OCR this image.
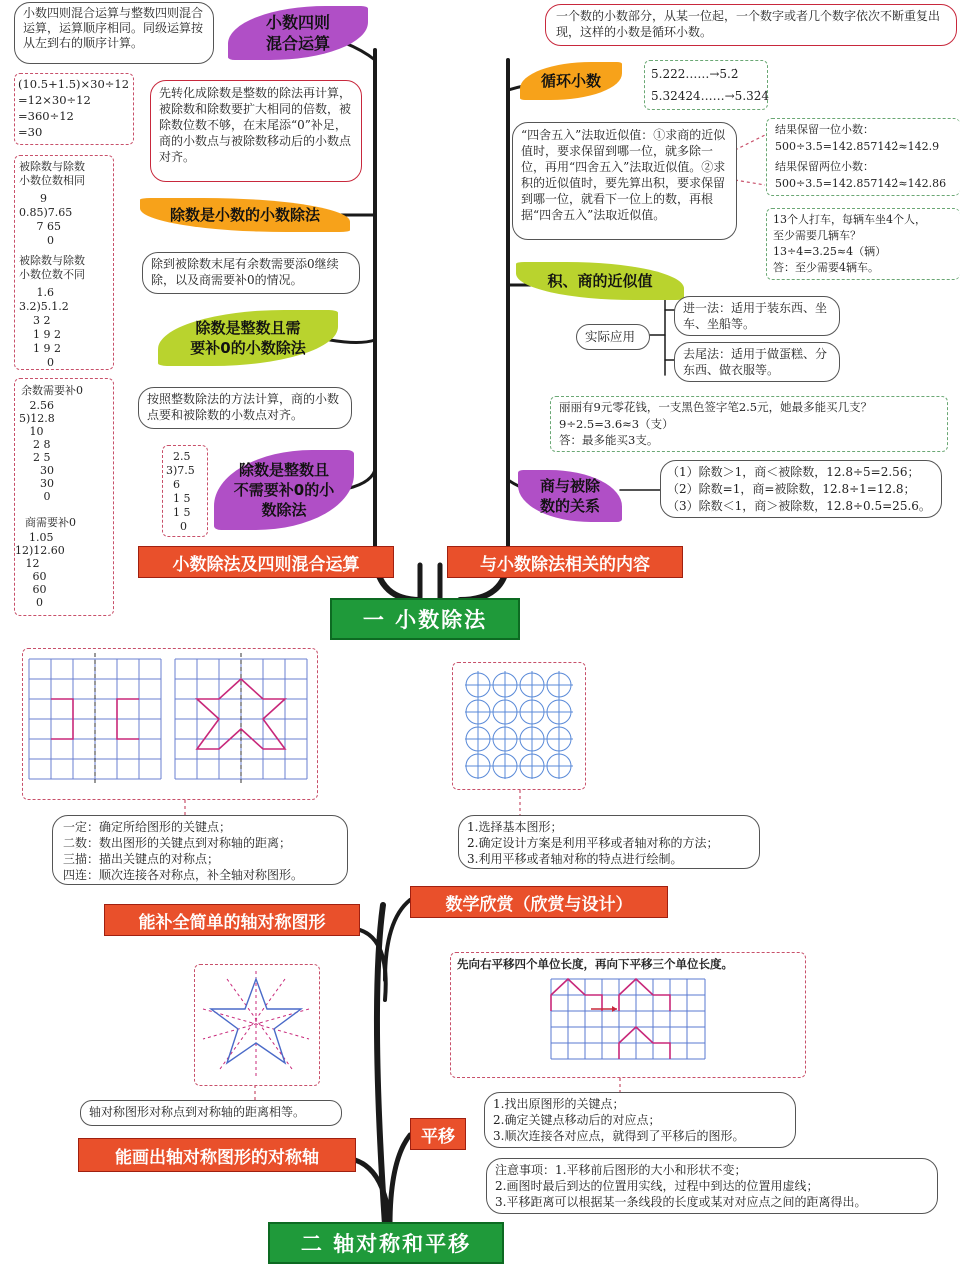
小数四则混合运算与整数四则混合运算，运算顺序相同。同级运算按从左到右的顺序计算。
小数四则
混合运算
(10.5+1.5)×30÷12
=12×30÷12
=360÷12
=30
先转化成除数是整数的除法再计算，被除数和除数要扩大相同的倍数，被除数位数不够，在末尾添“0”补足，商的小数点与被除数移动后的小数点对齐。
除数是小数的小数除法
被除数与除数
小数位数相同
9
0.85)7.65
7 65
0
被除数与除数
小数位数不同
1.6
3.2)5.1.2
3 2
1 9 2
1 9 2
0
除到被除数末尾有余数需要添0继续除，以及商需要补0的情况。
除数是整数且需
要补0的小数除法
余数需要补0
2.56
5)12.8
10
2 8
2 5
30
30
0
商需要补0
1.05
12)12.60
12
60
60
0
按照整数除法的方法计算，商的小数点要和被除数的小数点对齐。
2.5
3)7.5
6
1 5
1 5
0
除数是整数且
不需要补0的小
数除法
小数除法及四则混合运算
一个数的小数部分，从某一位起，一个数字或者几个数字依次不断重复出现，这样的小数是循环小数。
循环小数	5.222……→5.2̇
5.32424……→5.32̇4̇
“四舍五入”法取近似值：①求商的近似值时，要求保留到哪一位，就多除一位，再用“四舍五入”法取近似值。②求积的近似值时，要先算出积，要求保留到哪一位，就看下一位上的数，再根据“四舍五入”法取近似值。
结果保留一位小数：
500÷3.5=142.857142̇≈142.9
结果保留两位小数：
500÷3.5=142.857142̇≈142.86
13个人打车，每辆车坐4个人，
至少需要几辆车？
13÷4=3.25≈4（辆）
答：至少需要4辆车。
积、商的近似值
实际应用
进一法：适用于装东西、坐车、坐船等。
去尾法：适用于做蛋糕、分东西、做衣服等。
丽丽有9元零花钱，一支黑色签字笔2.5元，她最多能买几支？
9÷2.5=3.6≈3（支）
答：最多能买3支。
商与被除
数的关系
（1）除数＞1，商＜被除数，12.8÷5=2.56；
（2）除数=1，商=被除数，12.8÷1=12.8；
（3）除数＜1，商＞被除数，12.8÷0.5=25.6。
与小数除法相关的内容
一 小数除法
一定：确定所给图形的关键点；
二数：数出图形的关键点到对称轴的距离；
三描：描出关键点的对称点；
四连：顺次连接各对称点，补全轴对称图形。
能补全简单的轴对称图形
1.选择基本图形；
2.确定设计方案是利用平移或者轴对称的方法；
3.利用平移或者轴对称的特点进行绘制。
数学欣赏（欣赏与设计）
轴对称图形对称点到对称轴的距离相等。
能画出轴对称图形的对称轴
先向右平移四个单位长度，再向下平移三个单位长度。
1.找出原图形的关键点；
2.确定关键点移动后的对应点；
3.顺次连接各对应点，就得到了平移后的图形。
平移
注意事项：1.平移前后图形的大小和形状不变；
2.画图时最后到达的位置用实线，过程中到达的位置用虚线；
3.平移距离可以根据某一条线段的长度或某对对应点之间的距离得出。
二 轴对称和平移
